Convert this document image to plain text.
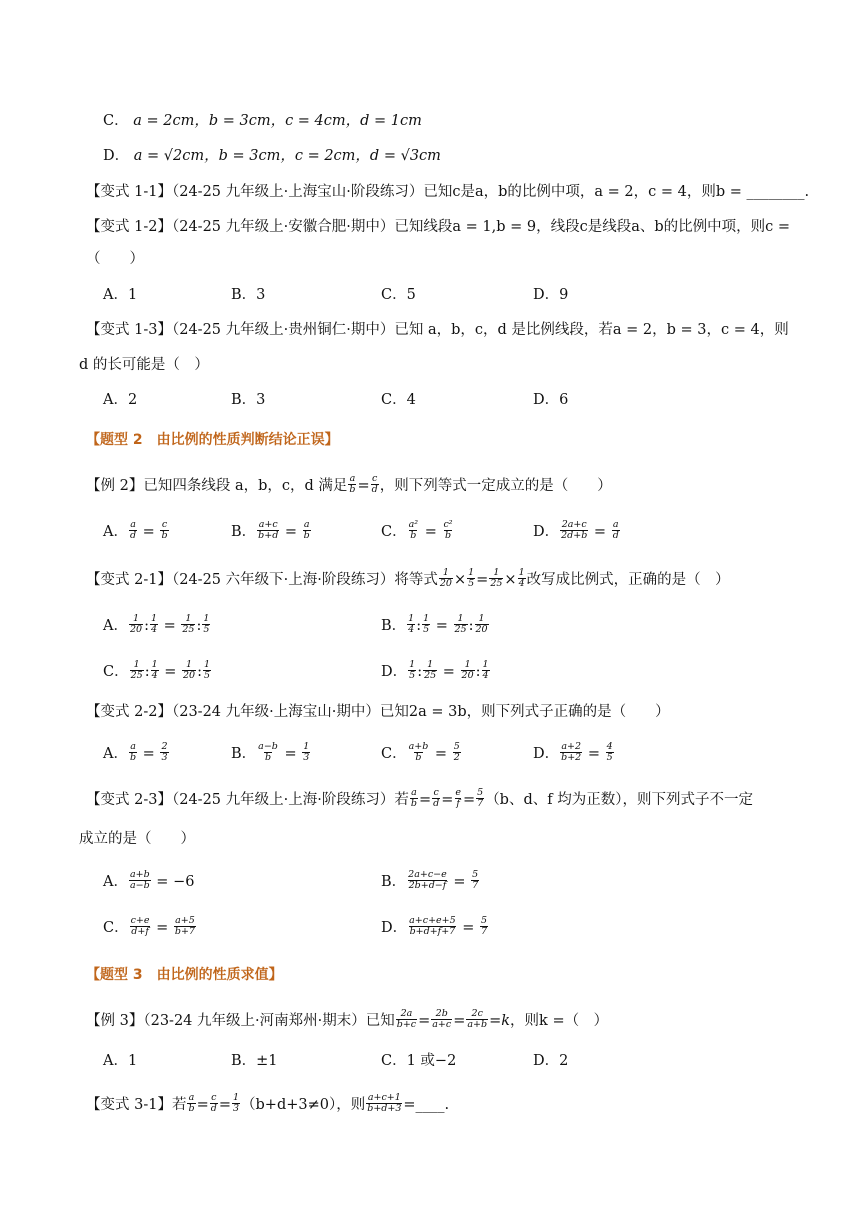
C． a = 2cm，b = 3cm，c = 4cm，d = 1cm
D． a = √2cm，b = 3cm，c = 2cm，d = √3cm
【变式 1-1】（24-25 九年级上·上海宝山·阶段练习）已知c是a，b的比例中项，a = 2，c = 4，则b = ________.
【变式 1-2】（24-25 九年级上·安徽合肥·期中）已知线段a = 1,b = 9，线段c是线段a、b的比例中项，则c =
（　　）
A．1	B．3	C．5	D．9
【变式 1-3】（24-25 九年级上·贵州铜仁·期中）已知 a，b，c，d 是比例线段，若a = 2，b = 3，c = 4，则
d 的长可能是（　）
A．2	B．3	C．4	D．6
【题型 2　由比例的性质判断结论正误】
【例 2】已知四条线段 a，b，c，d 满足 $\frac{a}{b} = \frac{c}{d}$ ，则下列等式一定成立的是（　　）
A． $\frac{a}{d} = \frac{c}{b}$	B． $\frac{a+c}{b+d} = \frac{a}{b}$	C． $\frac{\text{a²}}{b} = \frac{\text{c²}}{b}$	D． $\frac{2a+c}{2d+b} = \frac{a}{d}$
【变式 2-1】（24-25 六年级下·上海·阶段练习）将等式 $\frac{1}{20} \times \frac{1}{5} = \frac{1}{25} \times \frac{1}{4}$ 改写成比例式，正确的是（　）
A． $\frac{1}{20}$ : $\frac{1}{4} = \frac{1}{25}$ : $\frac{1}{5}$	B． $\frac{1}{4}$ : $\frac{1}{5} = \frac{1}{25}$ : $\frac{1}{20}$
C． $\frac{1}{25}$ : $\frac{1}{4} = \frac{1}{20}$ : $\frac{1}{5}$	D． $\frac{1}{5}$ : $\frac{1}{25} = \frac{1}{20}$ : $\frac{1}{4}$
【变式 2-2】（23-24 九年级·上海宝山·期中）已知2a = 3b，则下列式子正确的是（　　）
A． $\frac{a}{b} = \frac{2}{3}$	B． $\frac{a-b}{b} = \frac{1}{3}$	C． $\frac{a+b}{b} = \frac{5}{2}$	D． $\frac{a+2}{b+2} = \frac{4}{5}$
【变式 2-3】（24-25 九年级上·上海·阶段练习）若 $\frac{a}{b} = \frac{c}{d} = \frac{e}{f} = \frac{5}{7} (b$、d、f 均为正数），则下列式子不一定
成立的是（　　）
A． $\frac{a+b}{a-b} = -6$	B． $\frac{2a+c-e}{2b+d-f} = \frac{5}{7}$
C． $\frac{c+e}{d+f} = \frac{a+5}{b+7}$	D． $\frac{a+c+e+5}{b+d+f+7} = \frac{5}{7}$
【题型 3　由比例的性质求值】
【例 3】（23-24 九年级上·河南郑州·期末）已知 $\frac{2a}{b+c} = \frac{2b}{a+c} = \frac{2c}{a+b} =k$，则k =（　）
A．1	B．±1	C．1 或−2	D．2
【变式 3-1】若 $\frac{a}{b} = \frac{c}{d} = \frac{1}{3} (b+d+3\ne 0)$，则 $\frac{a+c+1}{b+d+3}$ =____.
